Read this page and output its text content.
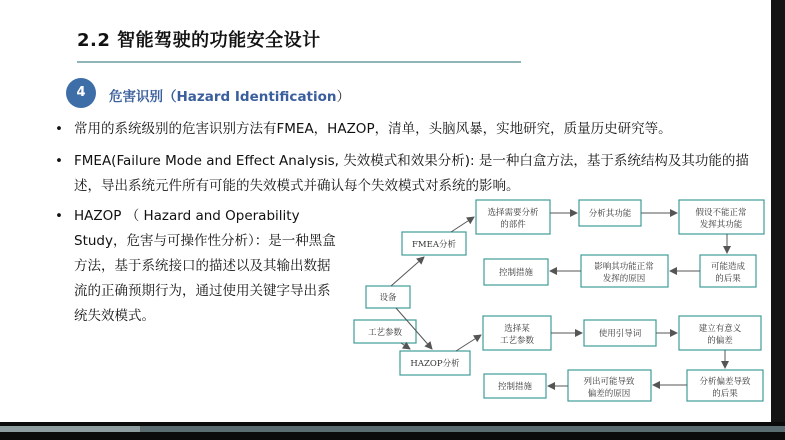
2.2 智能驾驶的功能安全设计
4	危害识别（Hazard Identification）
• 常用的系统级别的危害识别方法有FMEA，HAZOP，清单，头脑风暴，实地研究，质量历史研究等。
• FMEA(Failure Mode and Effect Analysis, 失效模式和效果分析): 是一种白盒方法，基于系统结构及其功能的描述，导出系统元件所有可能的失效模式并确认每个失效模式对系统的影响。
• HAZOP （ Hazard and Operability Study，危害与可操作性分析）：是一种黑盒方法，基于系统接口的描述以及其输出数据流的正确预期行为，通过使用关键字导出系统失效模式。
FMEA分析
选择需要分析
的部件
分析其功能	假设不能正常
发挥其功能
可能造成
的后果
影响其功能正常
发挥的原因
控制措施
设备
工艺参数
HAZOP分析
选择某
工艺参数
使用引导词	建立有意义
的偏差
分析偏差导致
的后果
列出可能导致
偏差的原因
控制措施
